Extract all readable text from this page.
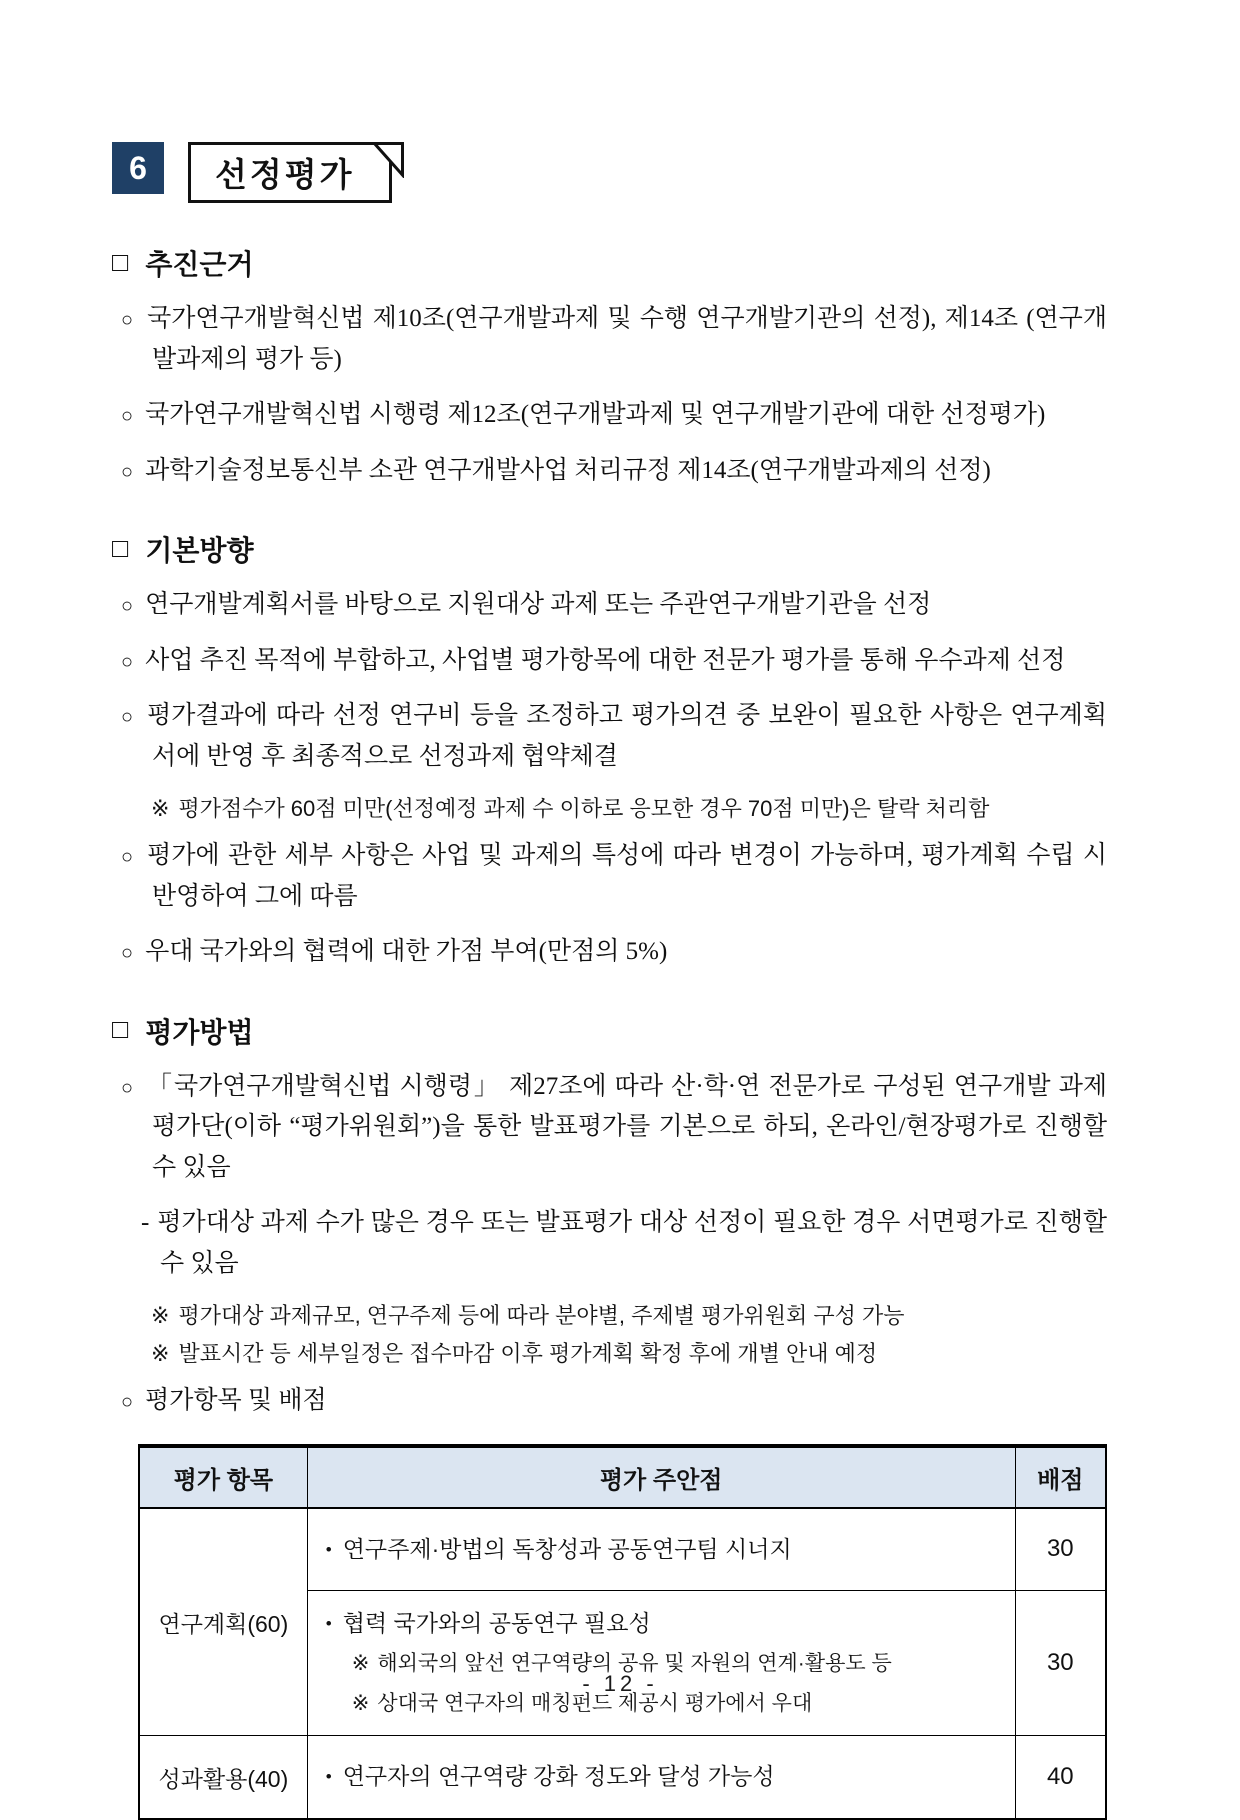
6 선정평가
□ 추진근거
○ 국가연구개발혁신법 제10조(연구개발과제 및 수행 연구개발기관의 선정), 제14조 (연구개발과제의 평가 등)
○ 국가연구개발혁신법 시행령 제12조(연구개발과제 및 연구개발기관에 대한 선정평가)
○ 과학기술정보통신부 소관 연구개발사업 처리규정 제14조(연구개발과제의 선정)
□ 기본방향
○ 연구개발계획서를 바탕으로 지원대상 과제 또는 주관연구개발기관을 선정
○ 사업 추진 목적에 부합하고, 사업별 평가항목에 대한 전문가 평가를 통해 우수과제 선정
○ 평가결과에 따라 선정 연구비 등을 조정하고 평가의견 중 보완이 필요한 사항은 연구계획서에 반영 후 최종적으로 선정과제 협약체결
※ 평가점수가 60점 미만(선정예정 과제 수 이하로 응모한 경우 70점 미만)은 탈락 처리함
○ 평가에 관한 세부 사항은 사업 및 과제의 특성에 따라 변경이 가능하며, 평가계획 수립 시 반영하여 그에 따름
○ 우대 국가와의 협력에 대한 가점 부여(만점의 5%)
□ 평가방법
○ 「국가연구개발혁신법 시행령」 제27조에 따라 산·학·연 전문가로 구성된 연구개발 과제평가단(이하 “평가위원회”)을 통한 발표평가를 기본으로 하되, 온라인/현장평가로 진행할 수 있음
- 평가대상 과제 수가 많은 경우 또는 발표평가 대상 선정이 필요한 경우 서면평가로 진행할 수 있음
※ 평가대상 과제규모, 연구주제 등에 따라 분야별, 주제별 평가위원회 구성 가능
※ 발표시간 등 세부일정은 접수마감 이후 평가계획 확정 후에 개별 안내 예정
○ 평가항목 및 배점
평가 항목	평가 주안점	배점
연구계획(60)	• 연구주제·방법의 독창성과 공동연구팀 시너지	30

	• 협력 국가와의 공동연구 필요성
※ 해외국의 앞선 연구역량의 공유 및 자원의 연계·활용도 등
※ 상대국 연구자의 매칭펀드 제공시 평가에서 우대	30
성과활용(40)	• 연구자의 연구역량 강화 정도와 달성 가능성	40
- 12 -
